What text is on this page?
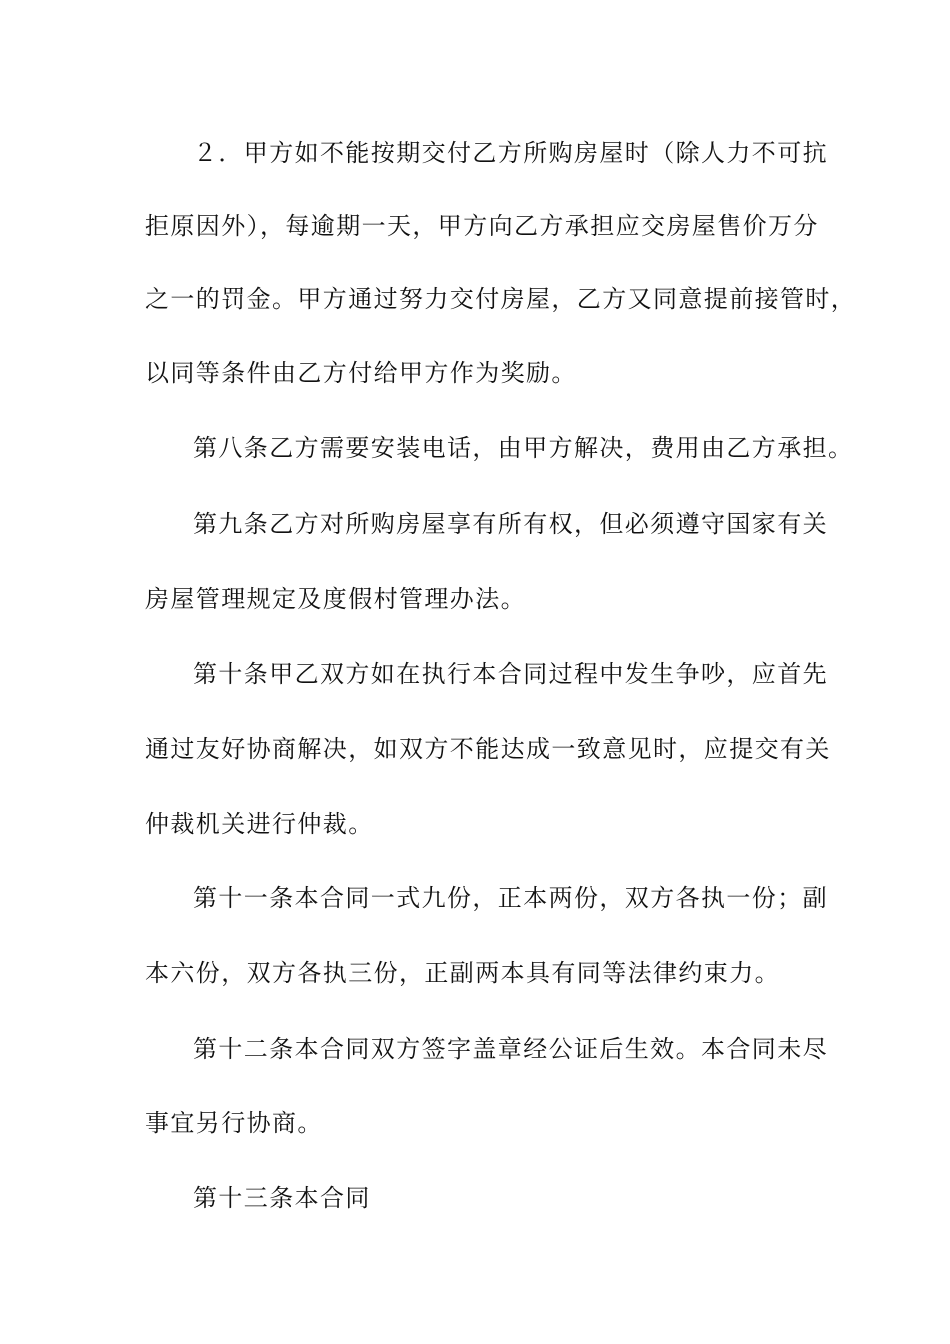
２．甲方如不能按期交付乙方所购房屋时（除人力不可抗
拒原因外），每逾期一天，甲方向乙方承担应交房屋售价万分
之一的罚金。甲方通过努力交付房屋，乙方又同意提前接管时，
以同等条件由乙方付给甲方作为奖励。
第八条乙方需要安装电话，由甲方解决，费用由乙方承担。
第九条乙方对所购房屋享有所有权，但必须遵守国家有关
房屋管理规定及度假村管理办法。
第十条甲乙双方如在执行本合同过程中发生争吵，应首先
通过友好协商解决，如双方不能达成一致意见时，应提交有关
仲裁机关进行仲裁。
第十一条本合同一式九份，正本两份，双方各执一份；副
本六份，双方各执三份，正副两本具有同等法律约束力。
第十二条本合同双方签字盖章经公证后生效。本合同未尽
事宜另行协商。
第十三条本合同
